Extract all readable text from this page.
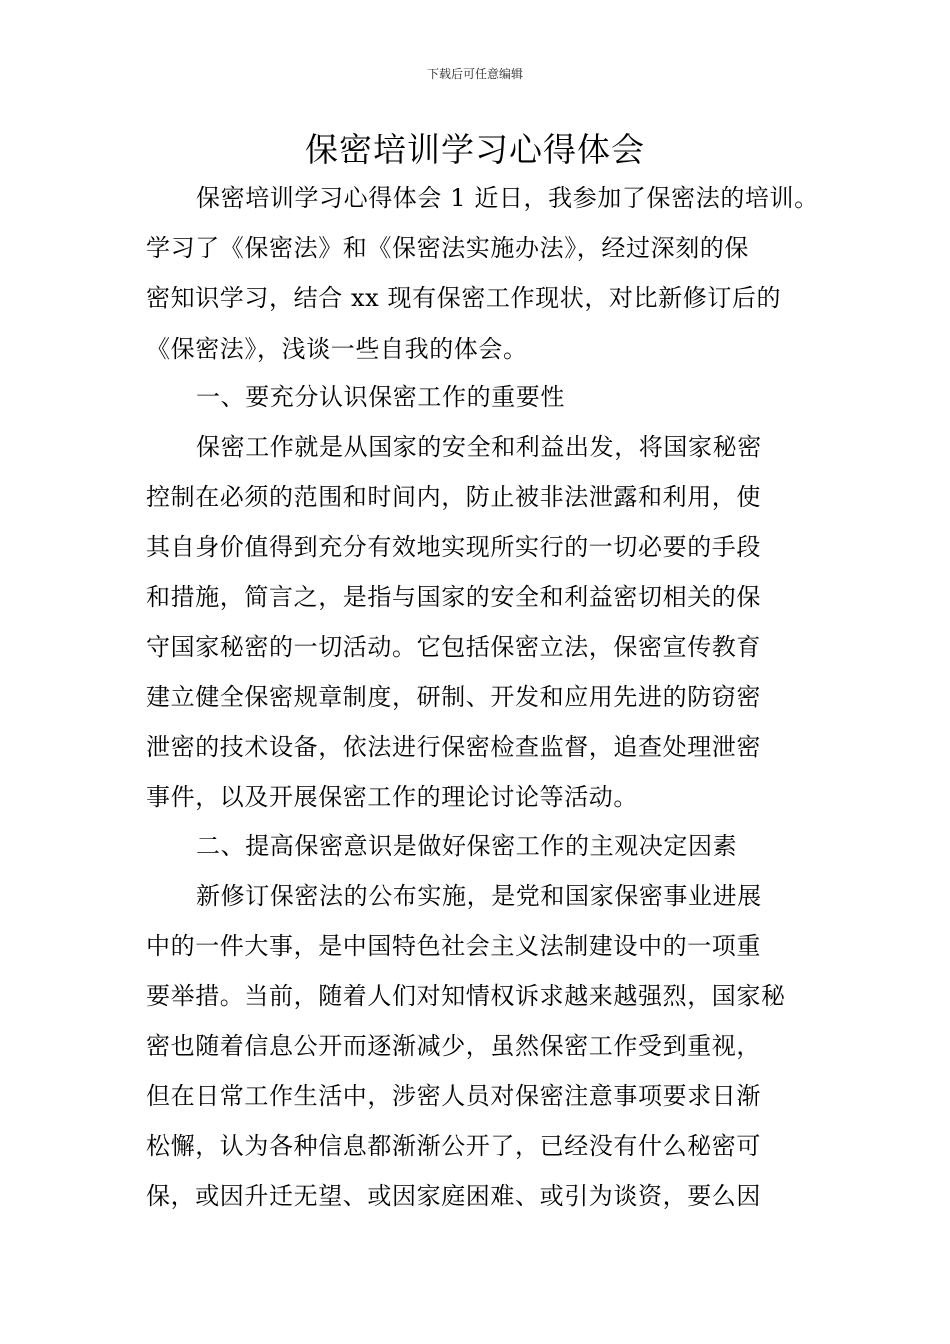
下载后可任意编辑
保密培训学习心得体会
保密培训学习心得体会 1 近日，我参加了保密法的培训。
学习了《保密法》和《保密法实施办法》，经过深刻的保
密知识学习，结合 xx 现有保密工作现状，对比新修订后的
《保密法》，浅谈一些自我的体会。
一、要充分认识保密工作的重要性
保密工作就是从国家的安全和利益出发，将国家秘密
控制在必须的范围和时间内，防止被非法泄露和利用，使
其自身价值得到充分有效地实现所实行的一切必要的手段
和措施，简言之，是指与国家的安全和利益密切相关的保
守国家秘密的一切活动。它包括保密立法，保密宣传教育
建立健全保密规章制度，研制、开发和应用先进的防窃密
泄密的技术设备，依法进行保密检查监督，追查处理泄密
事件，以及开展保密工作的理论讨论等活动。
二、提高保密意识是做好保密工作的主观决定因素
新修订保密法的公布实施，是党和国家保密事业进展
中的一件大事，是中国特色社会主义法制建设中的一项重
要举措。当前，随着人们对知情权诉求越来越强烈，国家秘
密也随着信息公开而逐渐减少，虽然保密工作受到重视，
但在日常工作生活中，涉密人员对保密注意事项要求日渐
松懈，认为各种信息都渐渐公开了，已经没有什么秘密可
保，或因升迁无望、或因家庭困难、或引为谈资，要么因
